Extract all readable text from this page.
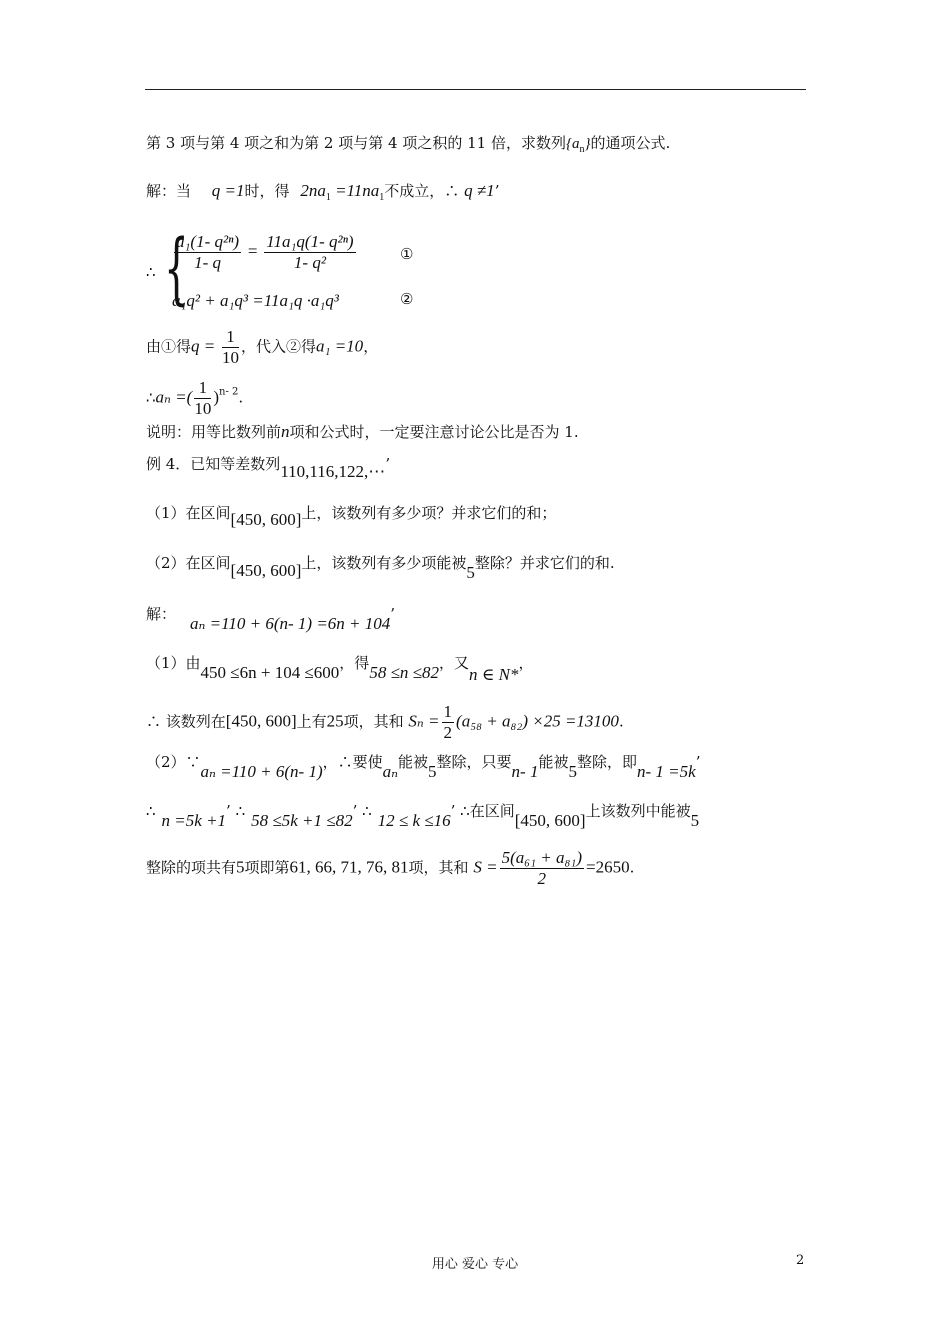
第 3 项与第 4 项之和为第 2 项与第 4 项之积的 11 倍，求数列$\{a_n\}$的通项公式.
解：当 q =1时，得 $2na_1 =11na_1$不成立，∴ q ≠1’
∴ {
$\frac{\text{a₁(1- q²ⁿ)}}{1- q} = \frac{\text{11a₁q(1- q²ⁿ)}}{\text{1- q²}}$	①
a₁q² + a₁q³ =11a₁q ·a₁q³	②
由①得$q = \frac{1}{10}$ ，代入②得a₁ =10，
∴aₙ =( $\frac{1}{10} )^{n- 2}$.
说明：用等比数列前n项和公式时，一定要注意讨论公比是否为 1.
例 4．已知等差数列110,116,122,⋯’
（1）在区间[450, 600]上，该数列有多少项？并求它们的和；
（2）在区间[450, 600]上，该数列有多少项能被5整除？并求它们的和.
解： aₙ =110 + 6(n- 1) =6n + 104’
（1）由450 ≤6n + 104 ≤600，得58 ≤n ≤82，又n ∈ N*，
∴ 该数列在[450, 600]上有25项，其和 $S_n = \frac{1}{2} (a_{58} + a_{82}) \times 25 =13100$.
（2）∵aₙ =110 + 6(n- 1)，∴要使aₙ能被5整除，只要n- 1能被5整除，即n- 1 =5k’
∴ n =5k +1’ ∴ 58 ≤5k +1 ≤82’ ∴ 12 ≤ k ≤16’ ∴在区间[450, 600]上该数列中能被5
整除的项共有5项即第61, 66, 71, 76, 81项，其和 $S = \frac{\text{5(a₆₁ + a₈₁)}}{2} =2650$.
用心 爱心 专心	2
